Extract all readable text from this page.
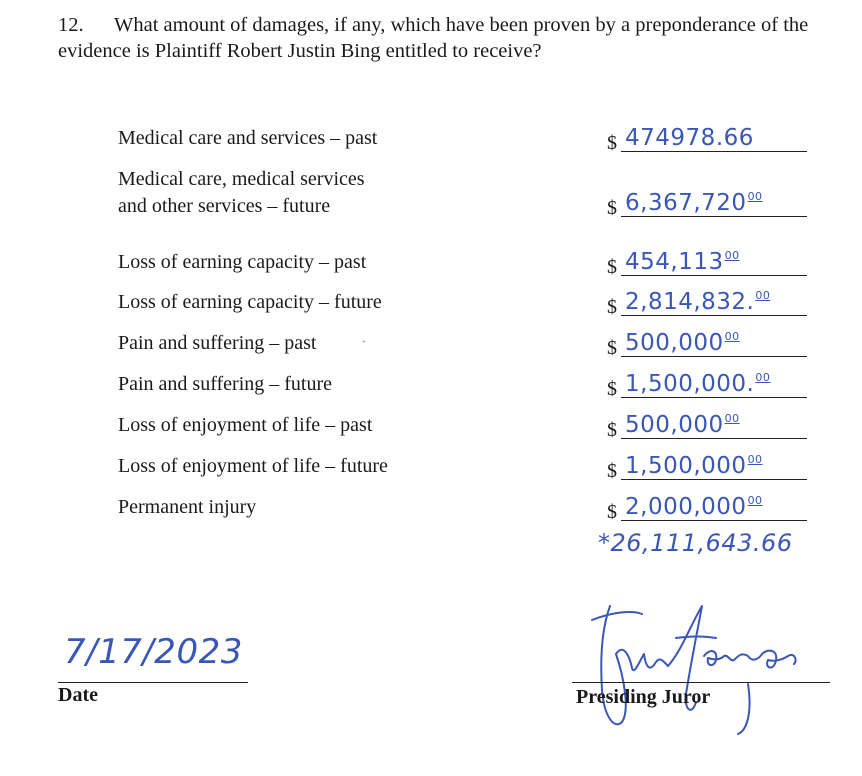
12. What amount of damages, if any, which have been proven by a preponderance of the evidence is Plaintiff Robert Justin Bing entitled to receive?
Medical care and services – past
Medical care, medical services
and other services – future
Loss of earning capacity – past
Loss of earning capacity – future
Pain and suffering – past	`
Pain and suffering – future
Loss of enjoyment of life – past
Loss of enjoyment of life – future
Permanent injury
$ 474978.66
$ 6,367,720$^{00}$
$ 454,113$^{00}$
$ 2,814,832.00
$ 500,000$^{00}$
$ 1,500,000.00
$ 500,000$^{00}$
$ 1,500,000$^{00}$
$ 2,000,000$^{00}$
*26,111,643.66
7/17/2023
Date	Presiding Juror
